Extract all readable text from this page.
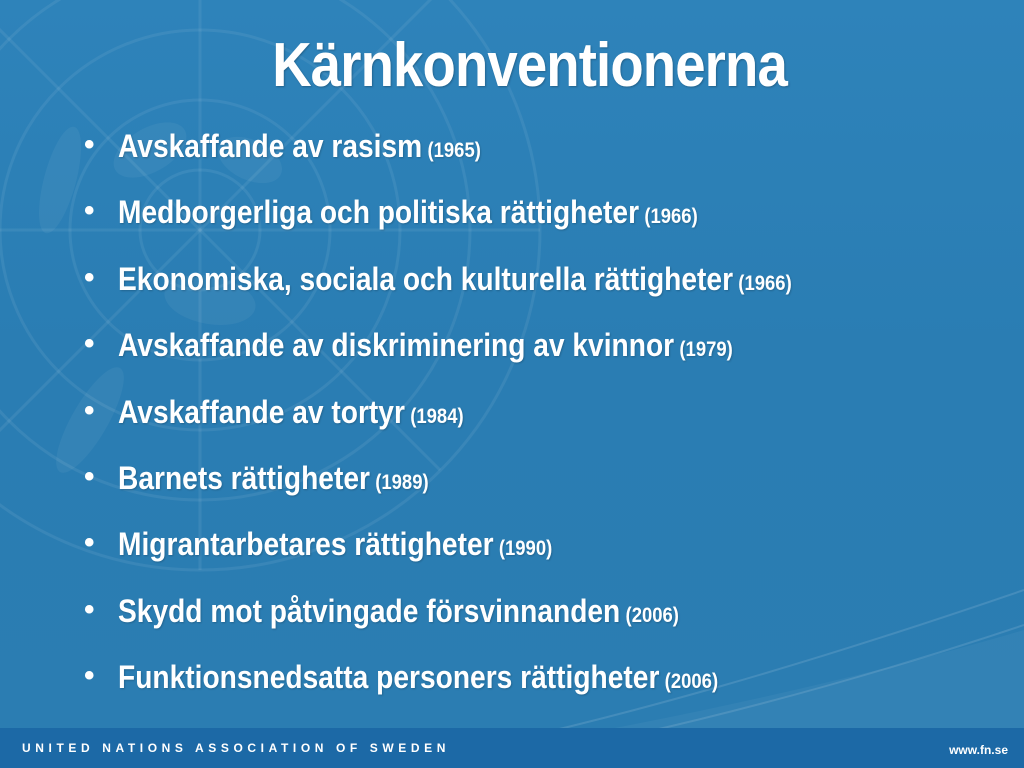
Kärnkonventionerna
• Avskaffande av rasism (1965)
• Medborgerliga och politiska rättigheter (1966)
• Ekonomiska, sociala och kulturella rättigheter (1966)
• Avskaffande av diskriminering av kvinnor (1979)
• Avskaffande av tortyr (1984)
• Barnets rättigheter (1989)
• Migrantarbetares rättigheter (1990)
• Skydd mot påtvingade försvinnanden (2006)
• Funktionsnedsatta personers rättigheter (2006)
UNITED NATIONS ASSOCIATION OF SWEDEN	www.fn.se
